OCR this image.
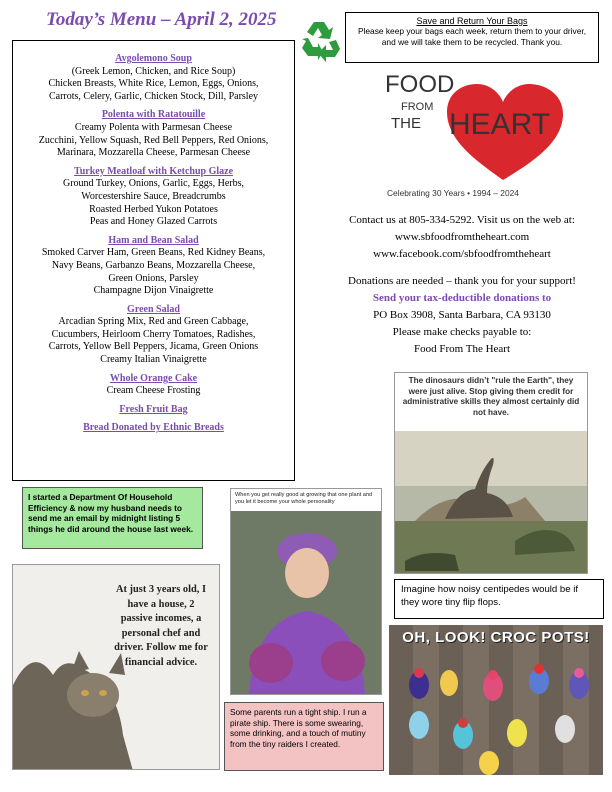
Today’s Menu – April 2, 2025
Avgolemono Soup
(Greek Lemon, Chicken, and Rice Soup)
Chicken Breasts, White Rice, Lemon, Eggs, Onions,
Carrots, Celery, Garlic, Chicken Stock, Dill, Parsley
Polenta with Ratatouille
Creamy Polenta with Parmesan Cheese
Zucchini, Yellow Squash, Red Bell Peppers, Red Onions,
Marinara, Mozzarella Cheese, Parmesan Cheese
Turkey Meatloaf with Ketchup Glaze
Ground Turkey, Onions, Garlic, Eggs, Herbs,
Worcestershire Sauce, Breadcrumbs
Roasted Herbed Yukon Potatoes
Peas and Honey Glazed Carrots
Ham and Bean Salad
Smoked Carver Ham, Green Beans, Red Kidney Beans,
Navy Beans, Garbanzo Beans, Mozzarella Cheese,
Green Onions, Parsley
Champagne Dijon Vinaigrette
Green Salad
Arcadian Spring Mix, Red and Green Cabbage,
Cucumbers, Heirloom Cherry Tomatoes, Radishes,
Carrots, Yellow Bell Peppers, Jicama, Green Onions
Creamy Italian Vinaigrette
Whole Orange Cake
Cream Cheese Frosting
Fresh Fruit Bag
Bread Donated by Ethnic Breads
Save and Return Your Bags
Please keep your bags each week, return them to your driver, and we will take them to be recycled. Thank you.
FOOD
FROM
THE HEART
Celebrating 30 Years • 1994 – 2024
Contact us at 805-334-5292. Visit us on the web at:
www.sbfoodfromtheheart.com
www.facebook.com/sbfoodfromtheheart
Donations are needed – thank you for your support!
Send your tax-deductible donations to
PO Box 3908, Santa Barbara, CA 93130
Please make checks payable to:
Food From The Heart
The dinosaurs didn’t "rule the Earth", they were just alive. Stop giving them credit for administrative skills they almost certainly did not have.
I started a Department Of Household Efficiency & now my husband needs to send me an email by midnight listing 5 things he did around the house last week.
When you get really good at growing that one plant and you let it become your whole personality
At just 3 years old, I have a house, 2 passive incomes, a personal chef and driver. Follow me for financial advice.
Some parents run a tight ship. I run a pirate ship. There is some swearing, some drinking, and a touch of mutiny from the tiny raiders I created.
Imagine how noisy centipedes would be if they wore tiny flip flops.
OH, LOOK! CROC POTS!
